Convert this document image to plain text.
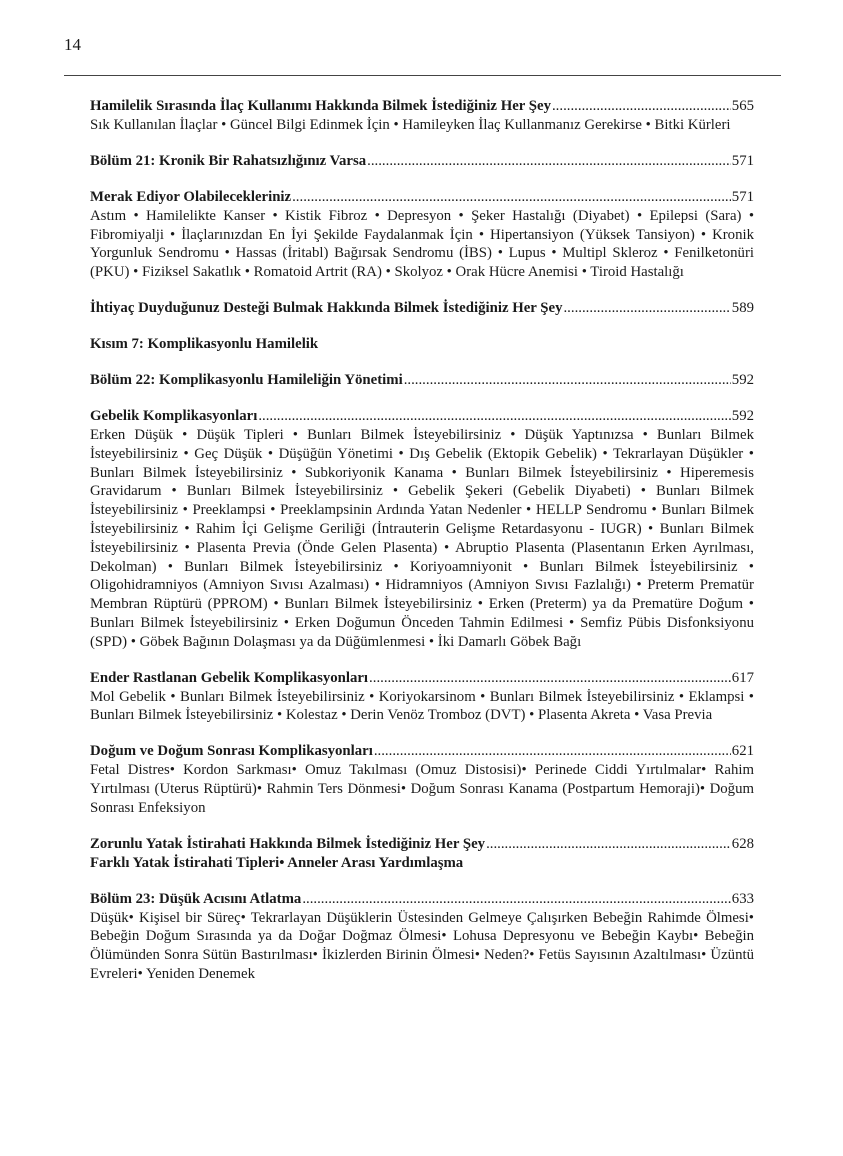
14
Hamilelik Sırasında İlaç Kullanımı Hakkında Bilmek İstediğiniz Her Şey .....	565
Sık Kullanılan İlaçlar • Güncel Bilgi Edinmek İçin • Hamileyken İlaç Kullanmanız Gerekirse • Bitki Kürleri
Bölüm 21: Kronik Bir Rahatsızlığınız Varsa .....	571
Merak Ediyor Olabilecekleriniz .....	571
Astım • Hamilelikte Kanser • Kistik Fibroz • Depresyon • Şeker Hastalığı (Diyabet) • Epilepsi (Sara) • Fibromiyalji • İlaçlarınızdan En İyi Şekilde Faydalanmak İçin • Hipertansiyon (Yüksek Tansiyon) • Kronik Yorgunluk Sendromu • Hassas (İritabl) Bağırsak Sendromu (İBS) • Lupus • Multipl Skleroz • Fenilketonüri (PKU) • Fiziksel Sakatlık • Romatoid Artrit (RA) • Skolyoz • Orak Hücre Anemisi • Tiroid Hastalığı
İhtiyaç Duyduğunuz Desteği Bulmak Hakkında Bilmek İstediğiniz Her Şey .....	589
Kısım 7: Komplikasyonlu Hamilelik
Bölüm 22: Komplikasyonlu Hamileliğin Yönetimi .....	592
Gebelik Komplikasyonları .....	592
Erken Düşük • Düşük Tipleri • Bunları Bilmek İsteyebilirsiniz • Düşük Yaptınızsa • Bunları Bilmek İsteyebilirsiniz • Geç Düşük • Düşüğün Yönetimi • Dış Gebelik (Ektopik Gebelik) • Tekrarlayan Düşükler • Bunları Bilmek İsteyebilirsiniz • Subkoriyonik Kanama • Bunları Bilmek İsteyebilirsiniz • Hiperemesis Gravidarum • Bunları Bilmek İsteyebilirsiniz • Gebelik Şekeri (Gebelik Diyabeti) • Bunları Bilmek İsteyebilirsiniz • Preeklampsi • Preeklampsinin Ardında Yatan Nedenler • HELLP Sendromu • Bunları Bilmek İsteyebilirsiniz • Rahim İçi Gelişme Geriliği (İntrauterin Gelişme Retardasyonu - IUGR) • Bunları Bilmek İsteyebilirsiniz • Plasenta Previa (Önde Gelen Plasenta) • Abruptio Plasenta (Plasentanın Erken Ayrılması, Dekolman) • Bunları Bilmek İsteyebilirsiniz • Koriyoamniyonit • Bunları Bilmek İsteyebilirsiniz • Oligohidramniyos (Amniyon Sıvısı Azalması) • Hidramniyos (Amniyon Sıvısı Fazlalığı) • Preterm Prematür Membran Rüptürü (PPROM) • Bunları Bilmek İsteyebilirsiniz • Erken (Preterm) ya da Prematüre Doğum • Bunları Bilmek İsteyebilirsiniz • Erken Doğumun Önceden Tahmin Edilmesi • Semfiz Pübis Disfonksiyonu (SPD) • Göbek Bağının Dolaşması ya da Düğümlenmesi • İki Damarlı Göbek Bağı
Ender Rastlanan Gebelik Komplikasyonları .....	617
Mol Gebelik • Bunları Bilmek İsteyebilirsiniz • Koriyokarsinom • Bunları Bilmek İsteyebilirsiniz • Eklampsi • Bunları Bilmek İsteyebilirsiniz • Kolestaz • Derin Venöz Tromboz (DVT) • Plasenta Akreta • Vasa Previa
Doğum ve Doğum Sonrası Komplikasyonları .....	621
Fetal Distres• Kordon Sarkması• Omuz Takılması (Omuz Distosisi)• Perinede Ciddi Yırtılmalar• Rahim Yırtılması (Uterus Rüptürü)• Rahmin Ters Dönmesi• Doğum Sonrası Kanama (Postpartum Hemoraji)• Doğum Sonrası Enfeksiyon
Zorunlu Yatak İstirahati Hakkında Bilmek İstediğiniz Her Şey .....	628
Farklı Yatak İstirahati Tipleri• Anneler Arası Yardımlaşma
Bölüm 23: Düşük Acısını Atlatma .....	633
Düşük• Kişisel bir Süreç• Tekrarlayan Düşüklerin Üstesinden Gelmeye Çalışırken Bebeğin Rahimde Ölmesi• Bebeğin Doğum Sırasında ya da Doğar Doğmaz Ölmesi• Lohusa Depresyonu ve Bebeğin Kaybı• Bebeğin Ölümünden Sonra Sütün Bastırılması• İkizlerden Birinin Ölmesi• Neden?• Fetüs Sayısının Azaltılması• Üzüntü Evreleri• Yeniden Denemek
